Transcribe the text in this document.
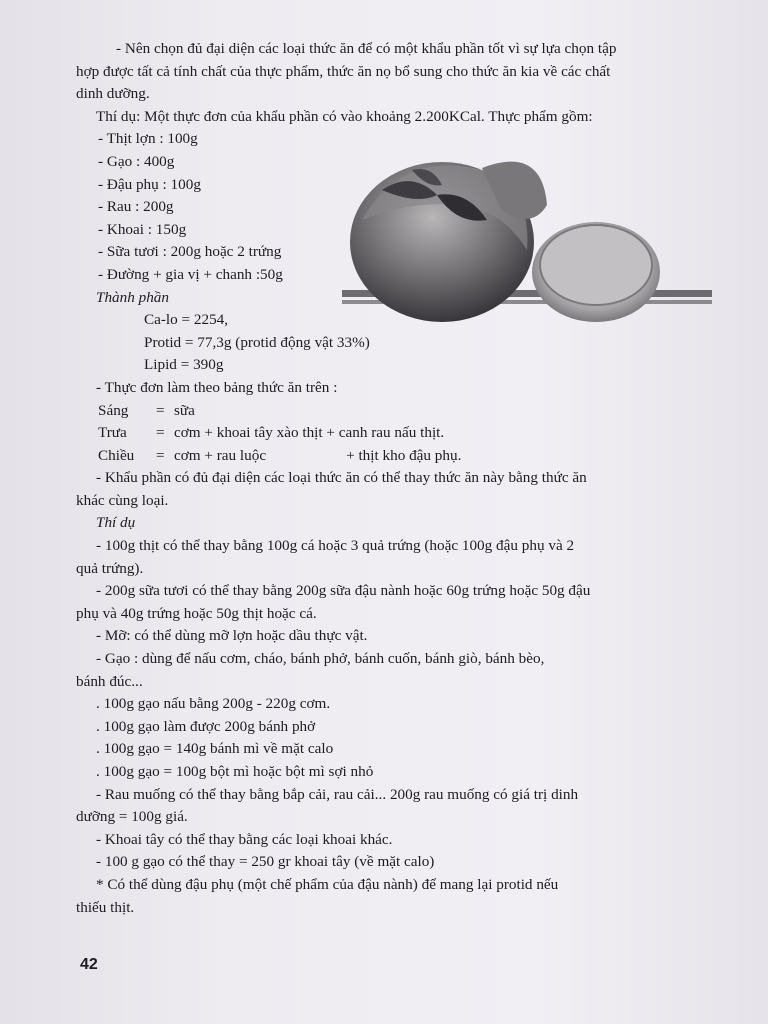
- Nên chọn đủ đại diện các loại thức ăn để có một khẩu phần tốt vì sự lựa chọn tập

hợp được tất cả tính chất của thực phẩm, thức ăn nọ bổ sung cho thức ăn kia về các chất

dinh dưỡng.

Thí dụ: Một thực đơn của khẩu phần có vào khoảng 2.200KCal. Thực phẩm gồm:

- Thịt lợn : 100g

- Gạo : 400g

- Đậu phụ : 100g

- Rau : 200g

- Khoai : 150g

- Sữa tươi : 200g hoặc 2 trứng

- Đường + gia vị + chanh :50g

Thành phần

Ca-lo = 2254,

Protid = 77,3g (protid động vật 33%)

Lipid = 390g

- Thực đơn làm theo bảng thức ăn trên :

Sáng = sữa

Trưa = cơm + khoai tây xào thịt + canh rau nấu thịt.

Chiều = cơm + rau luộc	+ thịt kho đậu phụ.

- Khẩu phần có đủ đại diện các loại thức ăn có thể thay thức ăn này bằng thức ăn

khác cùng loại.

Thí dụ

- 100g thịt có thể thay bằng 100g cá hoặc 3 quả trứng (hoặc 100g đậu phụ và 2

quả trứng).

- 200g sữa tươi có thể thay bằng 200g sữa đậu nành hoặc 60g trứng hoặc 50g đậu

phụ và 40g trứng hoặc 50g thịt hoặc cá.

- Mỡ: có thể dùng mỡ lợn hoặc dầu thực vật.

- Gạo : dùng để nấu cơm, cháo, bánh phở, bánh cuốn, bánh giò, bánh bèo,

bánh đúc...

. 100g gạo nấu bằng 200g - 220g cơm.

. 100g gạo làm được 200g bánh phở

. 100g gạo = 140g bánh mì về mặt calo

. 100g gạo = 100g bột mì hoặc bột mì sợi nhỏ

- Rau muống có thể thay bằng bắp cải, rau cải... 200g rau muống có giá trị dinh

dưỡng = 100g giá.

- Khoai tây có thể thay bằng các loại khoai khác.

- 100 g gạo có thể thay = 250 gr khoai tây (về mặt calo)

* Có thể dùng đậu phụ (một chế phẩm của đậu nành) để mang lại protid nếu

thiếu thịt.

42
